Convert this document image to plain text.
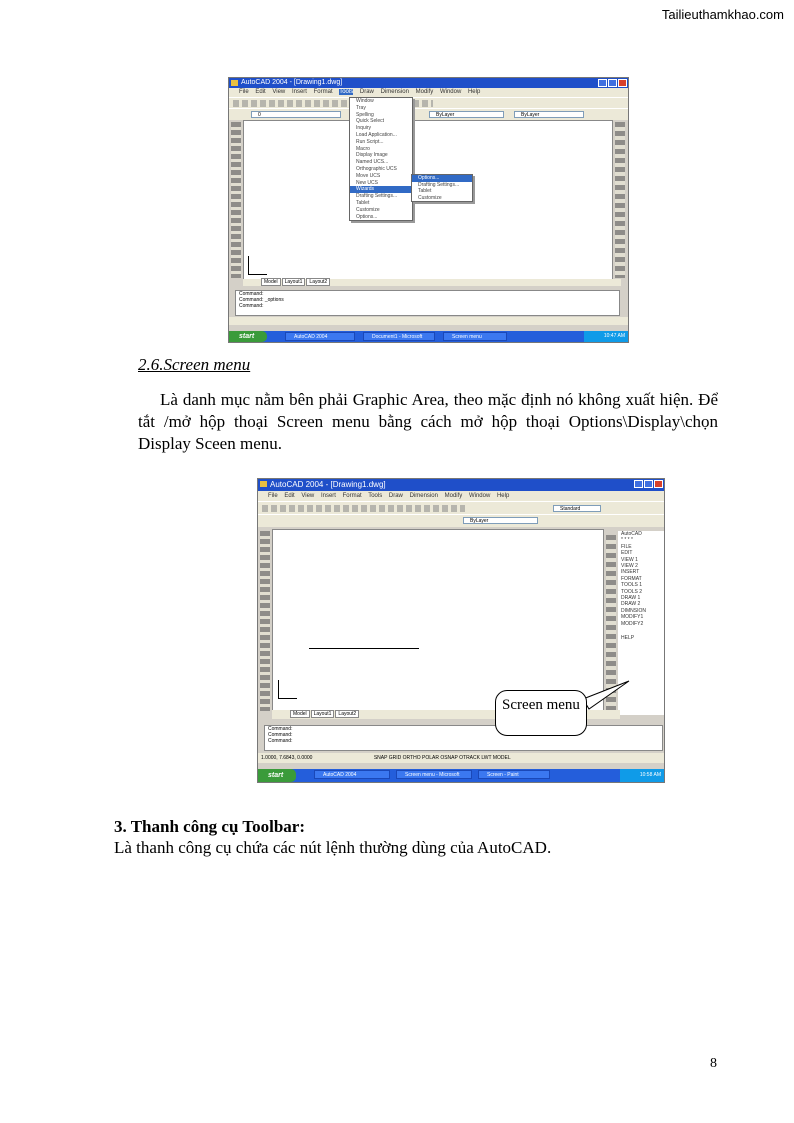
Tailieuthamkhao.com
AutoCAD 2004 - [Drawing1.dwg]
File Edit View Insert Format Tools Draw Dimension Modify Window Help
0	ByLayer	ByLayer
Model Layout1 Layout2
Command:
Command: _options
Command:
Window
Tray
Spelling
Quick Select
Inquiry
Load Application...
Run Script...
Macro
Display Image
Named UCS...
Orthographic UCS
Move UCS
New UCS
Wizards
Drafting Settings...
Tablet
Customize
Options...
Options...
Drafting Settings...
Tablet
Customize
start	AutoCAD 2004	Document1 - Microsoft	Screen menu	10:47 AM
2.6.Screen menu
Là danh mục nằm bên phải Graphic Area, theo mặc định nó không xuất hiện. Để tắt /mở hộp thoại Screen menu bằng cách mở hộp thoại Options\Display\chọn Display Sceen menu.
AutoCAD 2004 - [Drawing1.dwg]
File Edit View Insert Format Tools Draw Dimension Modify Window Help
Standard
ByLayer
AutoCAD
* * * *
FILE
EDIT
VIEW 1
VIEW 2
INSERT
FORMAT
TOOLS 1
TOOLS 2
DRAW 1
DRAW 2
DIMNSION
MODIFY1
MODIFY2
HELP
Model Layout1 Layout2
Command:
Command:
Command:
1.0000, 7.6843, 0.0000	SNAP GRID ORTHO POLAR OSNAP OTRACK LWT MODEL
start	AutoCAD 2004	Screen menu - Microsoft	Screen - Paint	10:58 AM
Screen menu
3. Thanh công cụ Toolbar:
Là thanh công cụ chứa các nút lệnh thường dùng của AutoCAD.
8
